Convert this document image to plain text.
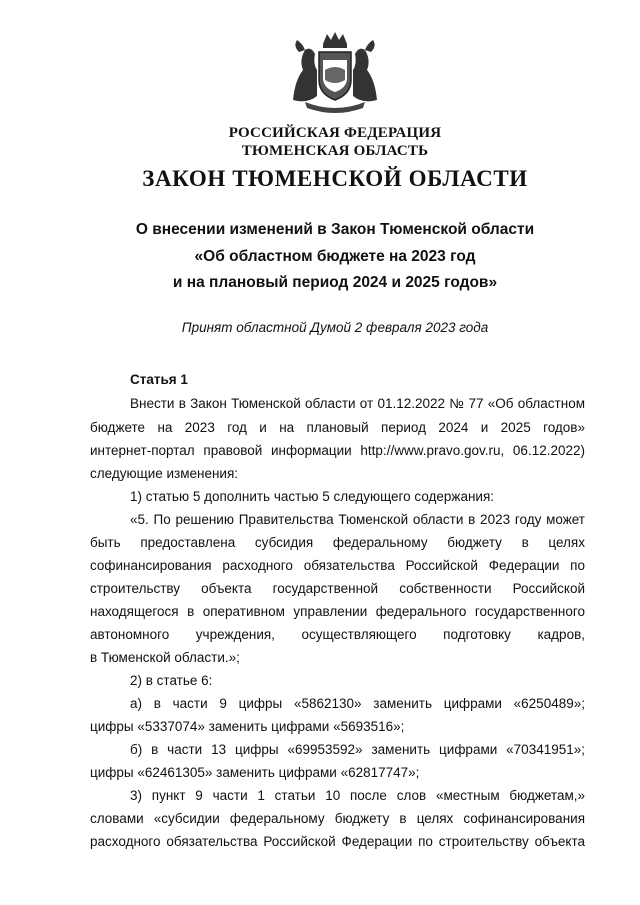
РОССИЙСКАЯ ФЕДЕРАЦИЯ
ТЮМЕНСКАЯ ОБЛАСТЬ
ЗАКОН ТЮМЕНСКОЙ ОБЛАСТИ
О внесении изменений в Закон Тюменской области
«Об областном бюджете на 2023 год
и на плановый период 2024 и 2025 годов»
Принят областной Думой 2 февраля 2023 года
Статья 1
Внести в Закон Тюменской области от 01.12.2022 № 77 «Об областном
бюджете на 2023 год и на плановый период 2024 и 2025 годов»
интернет-портал правовой информации http://www.pravo.gov.ru, 06.12.2022)
следующие изменения:
1) статью 5 дополнить частью 5 следующего содержания:
«5. По решению Правительства Тюменской области в 2023 году может
быть предоставлена субсидия федеральному бюджету в целях
софинансирования расходного обязательства Российской Федерации по
строительству объекта государственной собственности Российской
находящегося в оперативном управлении федерального государственного
автономного учреждения, осуществляющего подготовку кадров,
в Тюменской области.»;
2) в статье 6:
а) в части 9 цифры «5862130» заменить цифрами «6250489»;
цифры «5337074» заменить цифрами «5693516»;
б) в части 13 цифры «69953592» заменить цифрами «70341951»;
цифры «62461305» заменить цифрами «62817747»;
3) пункт 9 части 1 статьи 10 после слов «местным бюджетам,»
словами «субсидии федеральному бюджету в целях софинансирования
расходного обязательства Российской Федерации по строительству объекта
